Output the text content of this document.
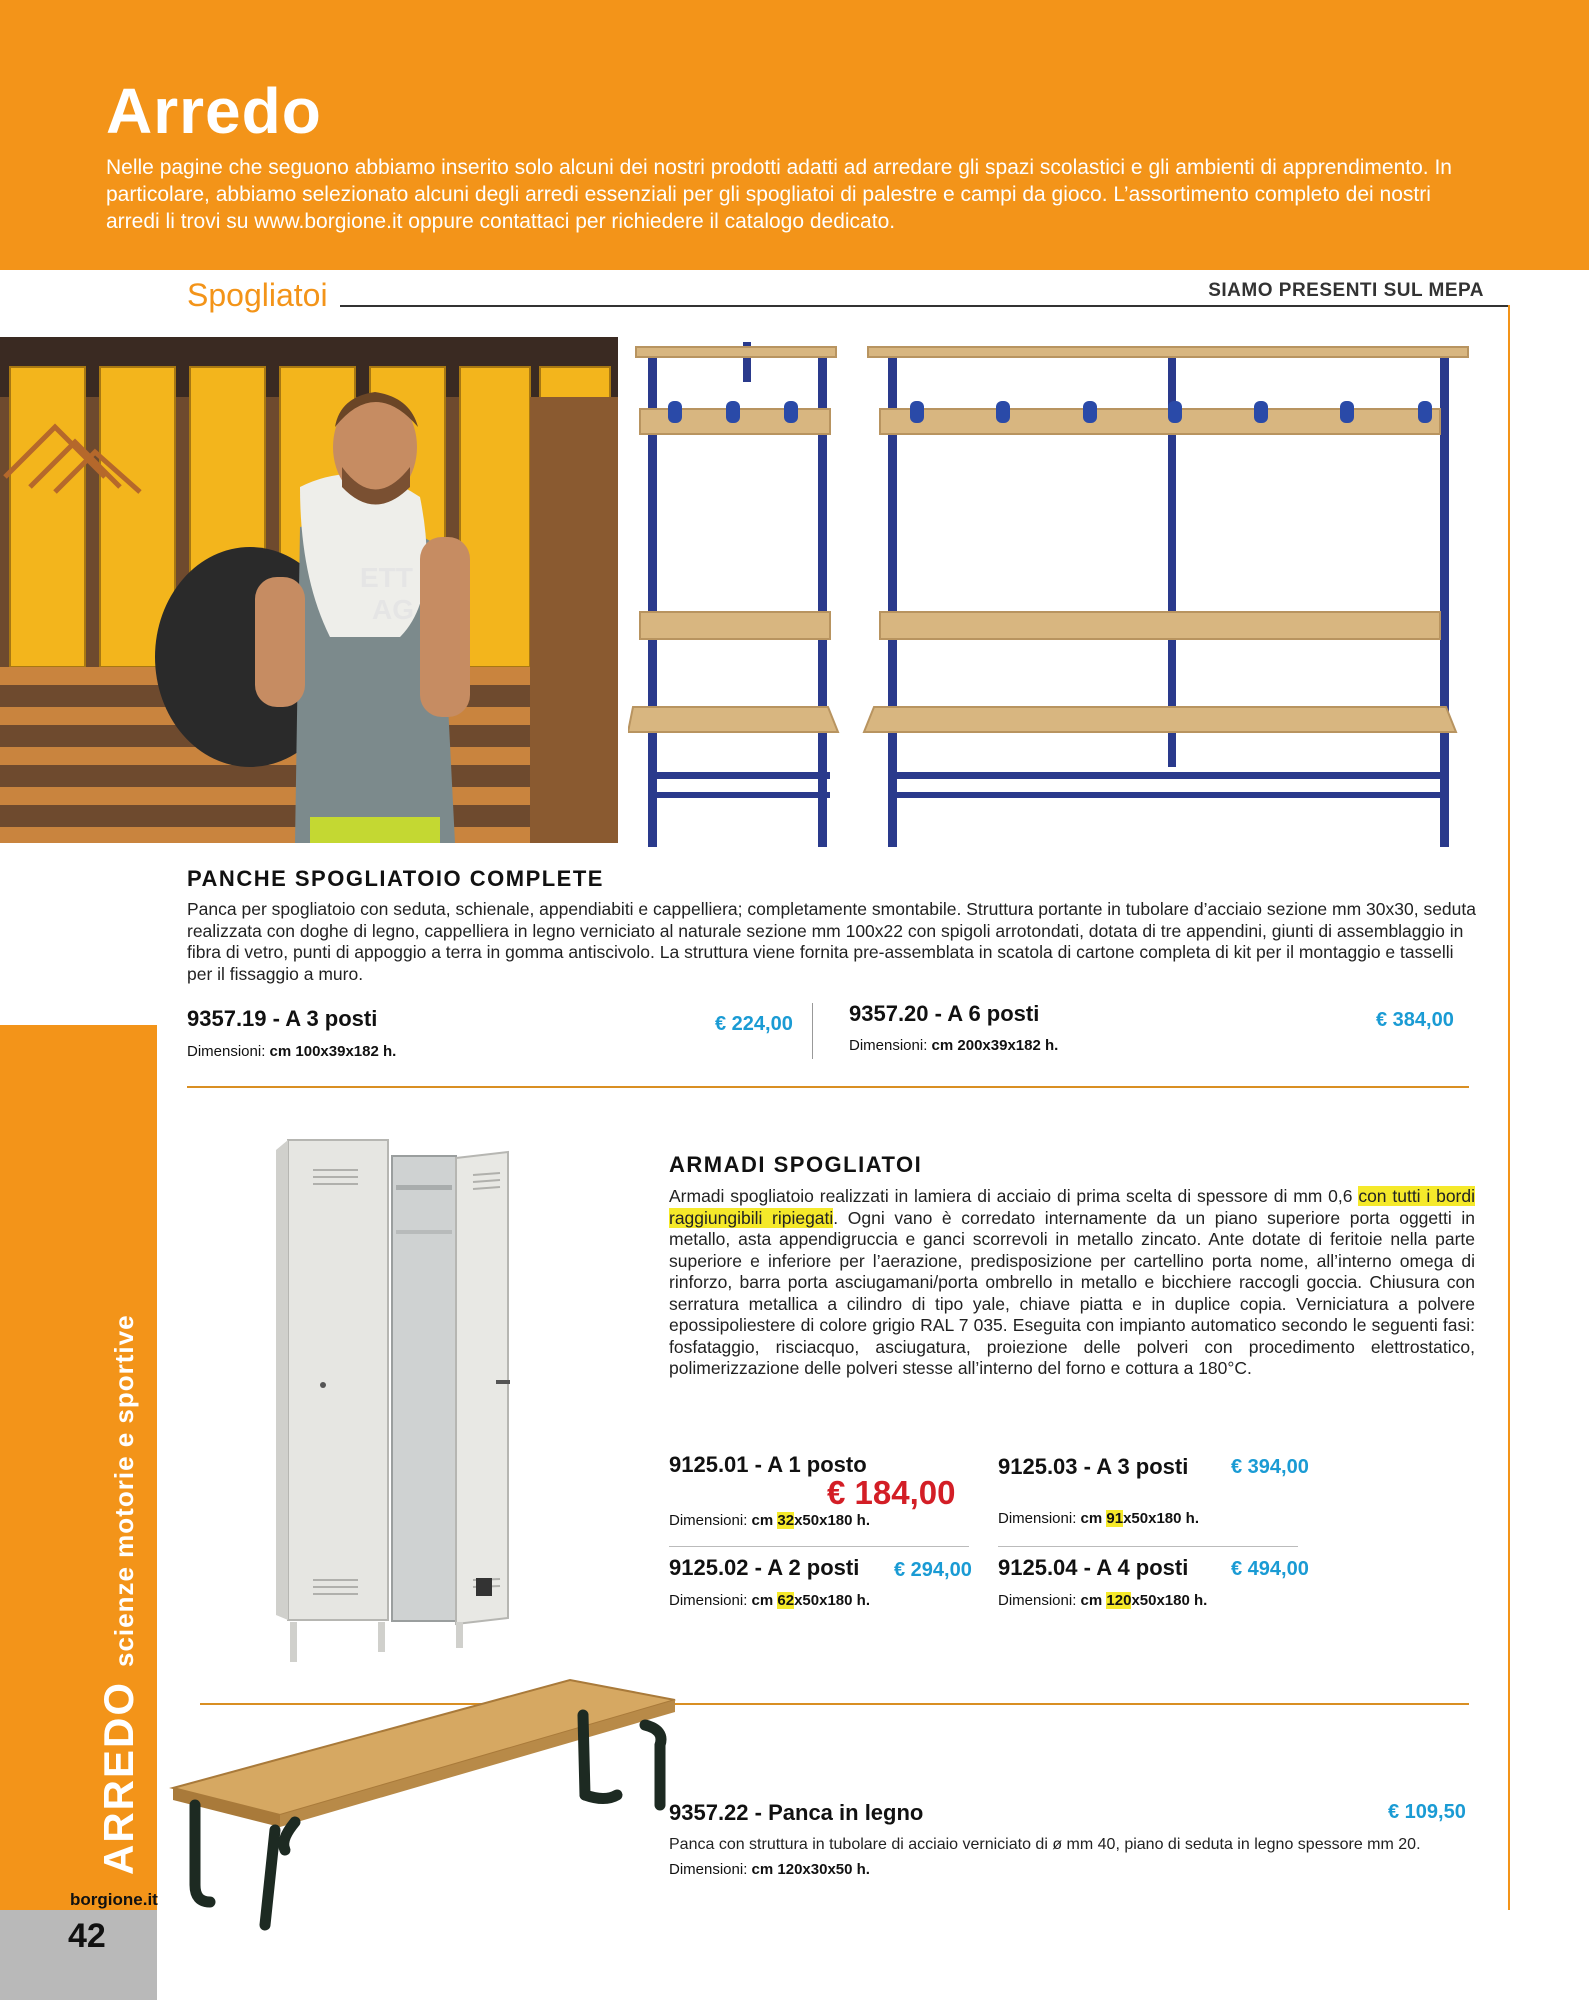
Arredo
Nelle pagine che seguono abbiamo inserito solo alcuni dei nostri prodotti adatti ad arredare gli spazi scolastici e gli ambienti di apprendimento. In particolare, abbiamo selezionato alcuni degli arredi essenziali per gli spogliatoi di palestre e campi da gioco. L’assortimento completo dei nostri arredi li trovi su www.borgione.it oppure contattaci per richiedere il catalogo dedicato.
Spogliatoi	SIAMO PRESENTI SUL MEPA
ARREDOscienze motorie e sportive
borgione.it
42
ETT
AG
PANCHE SPOGLIATOIO COMPLETE
Panca per spogliatoio con seduta, schienale, appendiabiti e cappelliera; completamente smontabile. Struttura portante in tubolare d’acciaio sezione mm 30x30, seduta realizzata con doghe di legno, cappelliera in legno verniciato al naturale sezione mm 100x22 con spigoli arrotondati, dotata di tre appendini, giunti di assemblaggio in fibra di vetro, punti di appoggio a terra in gomma antiscivolo. La struttura viene fornita pre-assemblata in scatola di cartone completa di kit per il montaggio e tasselli per il fissaggio a muro.
9357.19 - A 3 posti
Dimensioni: cm 100x39x182 h.
€ 224,00	9357.20 - A 6 posti
Dimensioni: cm 200x39x182 h.
€ 384,00
ARMADI SPOGLIATOI
Armadi spogliatoio realizzati in lamiera di acciaio di prima scelta di spessore di mm 0,6 con tutti i bordi raggiungibili ripiegati. Ogni vano è corredato internamente da un piano superiore porta oggetti in metallo, asta appendigruccia e ganci scorrevoli in metallo zincato. Ante dotate di feritoie nella parte superiore e inferiore per l’aerazione, predisposizione per cartellino porta nome, all’interno omega di rinforzo, barra porta asciugamani/porta ombrello in metallo e bicchiere raccogli goccia. Chiusura con serratura metallica a cilindro di tipo yale, chiave piatta e in duplice copia. Verniciatura a polvere epossipoliestere di colore grigio RAL 7 035. Eseguita con impianto automatico secondo le seguenti fasi: fosfataggio, risciacquo, asciugatura, proiezione delle polveri con procedimento elettrostatico, polimerizzazione delle polveri stesse all’interno del forno e cottura a 180°C.
9125.01 - A 1 posto
€ 184,00
Dimensioni: cm 32x50x180 h.
9125.02 - A 2 posti € 294,00
Dimensioni: cm 62x50x180 h.
9125.03 - A 3 posti € 394,00
Dimensioni: cm 91x50x180 h.
9125.04 - A 4 posti € 494,00
Dimensioni: cm 120x50x180 h.
9357.22 - Panca in legno	€ 109,50
Panca con struttura in tubolare di acciaio verniciato di ø mm 40, piano di seduta in legno spessore mm 20.
Dimensioni: cm 120x30x50 h.
